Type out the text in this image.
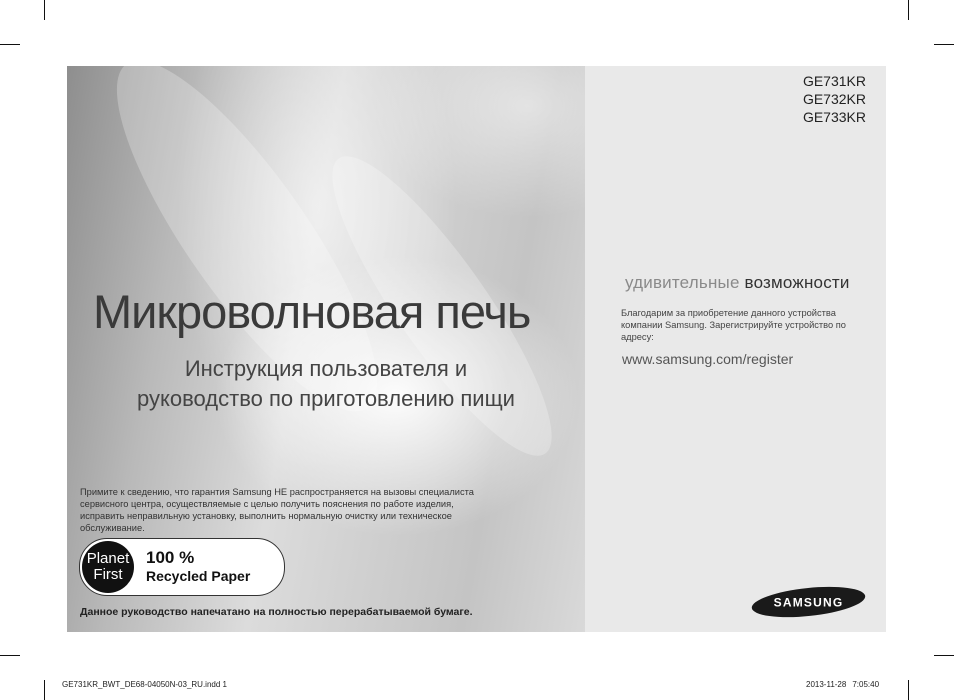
Микроволновая печь
Инструкция пользователя и
руководство по приготовлению пищи
Примите к сведению, что гарантия Samsung НЕ распространяется на вызовы специалиста сервисного центра, осуществляемые с целью получить пояснения по работе изделия, исправить неправильную установку, выполнить нормальную очистку или техническое обслуживание.
Planet
First
100 %
Recycled Paper
Данное руководство напечатано на полностью перерабатываемой бумаге.
GE731KR
GE732KR
GE733KR
удивительные возможности
Благодарим за приобретение данного устройства компании Samsung. Зарегистрируйте устройство по адресу:
www.samsung.com/register
SAMSUNG
GE731KR_BWT_DE68-04050N-03_RU.indd 1	2013-11-28 7:05:40
